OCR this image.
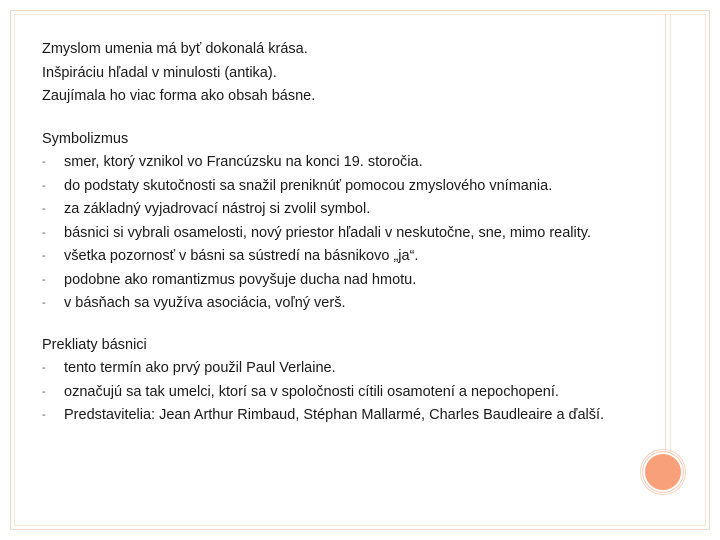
Zmyslom umenia má byť dokonalá krása.
Inšpiráciu hľadal v minulosti (antika).
Zaujímala ho viac forma ako obsah básne.
Symbolizmus
-	smer, ktorý vznikol vo Francúzsku na konci 19. storočia.
-	do podstaty skutočnosti sa snažil preniknúť pomocou zmyslového vnímania.
-	za základný vyjadrovací nástroj si zvolil symbol.
-	básnici si vybrali osamelosti, nový priestor hľadali v neskutočne, sne, mimo reality.
-	všetka pozornosť v básni sa sústredí na básnikovo „ja“.
-	podobne ako romantizmus povyšuje ducha nad hmotu.
-	v básňach sa využíva asociácia, voľný verš.
Prekliaty básnici
-	tento termín ako prvý použil Paul Verlaine.
-	označujú sa tak umelci, ktorí sa v spoločnosti cítili osamotení a nepochopení.
-	Predstavitelia: Jean Arthur Rimbaud, Stéphan Mallarmé, Charles Baudleaire a ďalší.
